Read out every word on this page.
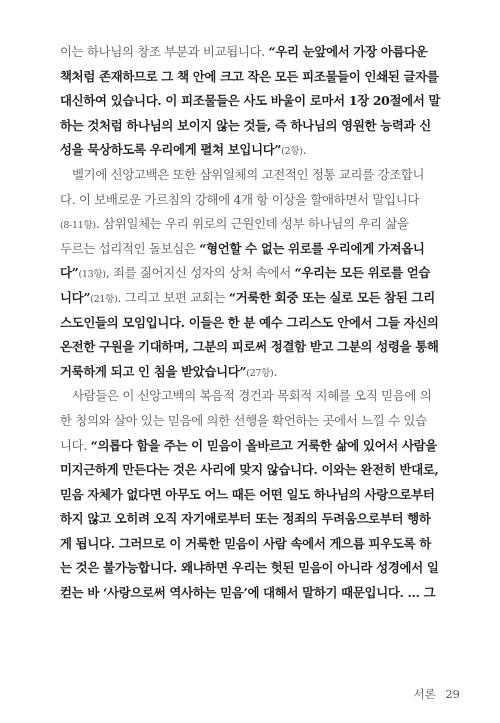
이는 하나님의 창조 부분과 비교됩니다. “우리 눈앞에서 가장 아름다운
책처럼 존재하므로 그 책 안에 크고 작은 모든 피조물들이 인쇄된 글자를
대신하여 있습니다. 이 피조물들은 사도 바울이 로마서 1장 20절에서 말
하는 것처럼 하나님의 보이지 않는 것들, 즉 하나님의 영원한 능력과 신
성을 묵상하도록 우리에게 펼쳐 보입니다”(2항).
벨기에 신앙고백은 또한 삼위일체의 고전적인 정통 교리를 강조합니
다. 이 보배로운 가르침의 강해에 4개 항 이상을 할애하면서 말입니다
(8-11항). 삼위일체는 우리 위로의 근원인데 성부 하나님의 우리 삶을
두르는 섭리적인 돌보심은 “형언할 수 없는 위로를 우리에게 가져옵니
다”(13항), 죄를 짊어지신 성자의 상처 속에서 “우리는 모든 위로를 얻습
니다”(21항). 그리고 보편 교회는 “거룩한 회중 또는 실로 모든 참된 그리
스도인들의 모임입니다. 이들은 한 분 예수 그리스도 안에서 그들 자신의
온전한 구원을 기대하며, 그분의 피로써 정결함 받고 그분의 성령을 통해
거룩하게 되고 인 침을 받았습니다”(27항).
사람들은 이 신앙고백의 복음적 경건과 목회적 지혜를 오직 믿음에 의
한 칭의와 살아 있는 믿음에 의한 선행을 확언하는 곳에서 느낄 수 있습
니다. “의롭다 함을 주는 이 믿음이 올바르고 거룩한 삶에 있어서 사람을
미지근하게 만든다는 것은 사리에 맞지 않습니다. 이와는 완전히 반대로,
믿음 자체가 없다면 아무도 어느 때든 어떤 일도 하나님의 사랑으로부터
하지 않고 오히려 오직 자기애로부터 또는 정죄의 두려움으로부터 행하
게 됩니다. 그러므로 이 거룩한 믿음이 사람 속에서 게으름 피우도록 하
는 것은 불가능합니다. 왜냐하면 우리는 헛된 믿음이 아니라 성경에서 일
컫는 바 ‘사랑으로써 역사하는 믿음’에 대해서 말하기 때문입니다. … 그
서론 29
